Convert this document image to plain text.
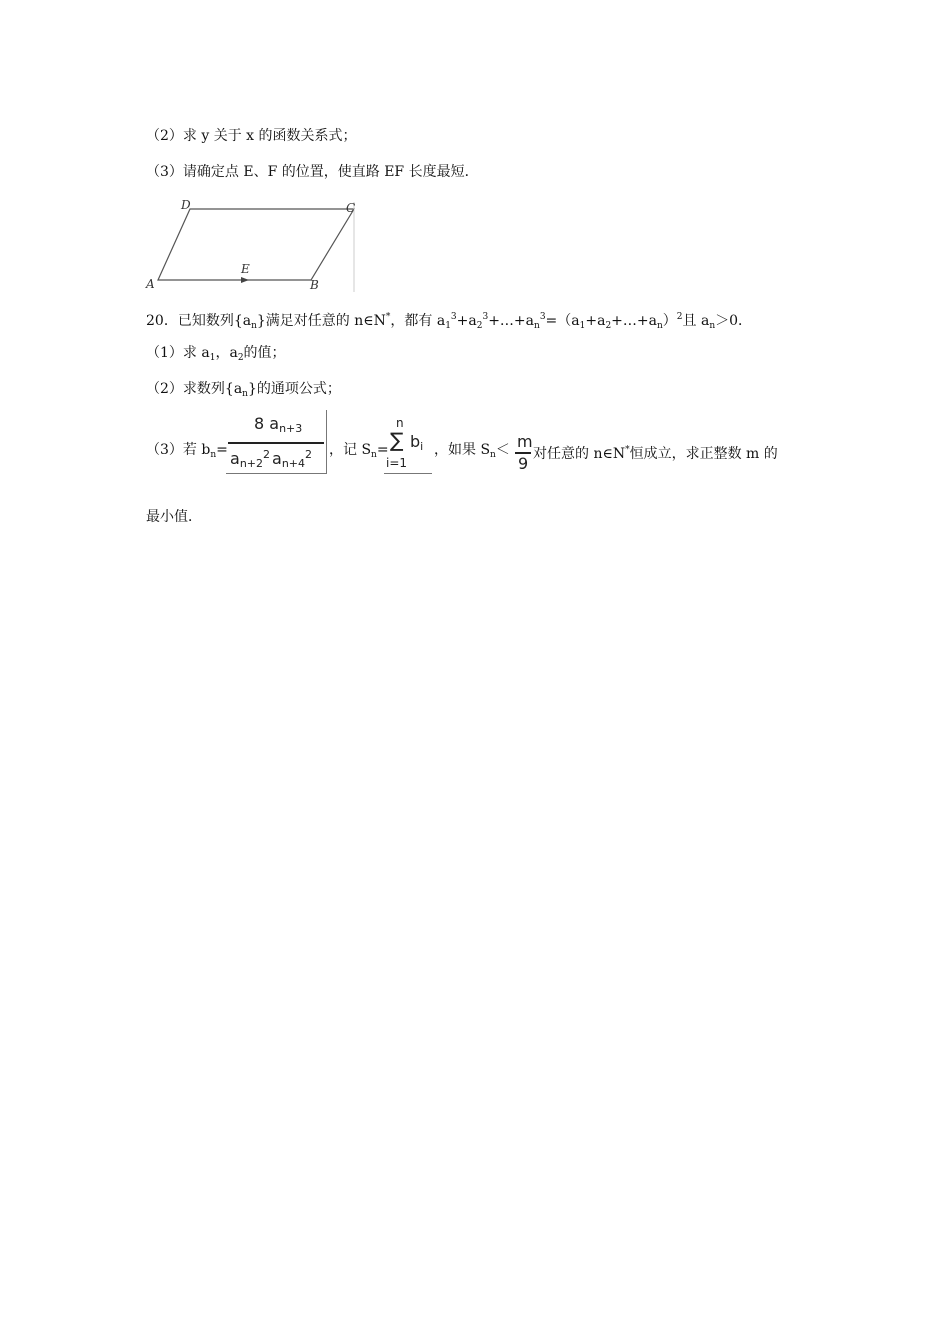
（2）求 y 关于 x 的函数关系式；
（3）请确定点 E、F 的位置，使直路 EF 长度最短．
D	C
A	B
E
20．已知数列$\{a_n\}$满足对任意的 n∈N*，都有 $a_1^3+a_2^3+\dots+a_n^3=(a_1+a_2+\dots+a_n)^2$且 $a_n>0$．
（1）求 $a_1$，$a_2$的值；
（2）求数列$\{a_n\}$的通项公式；
（3）若 $b_n=$
8 $a_{n+3}$
$a_{n+2}^2$ $a_{n+4}^2$ ，记 $S_n=$
n
∑ $b_i$
i=1
，如果 $S_n< m$
9 对任意的 n∈N*恒成立，求正整数 m 的
最小值．
